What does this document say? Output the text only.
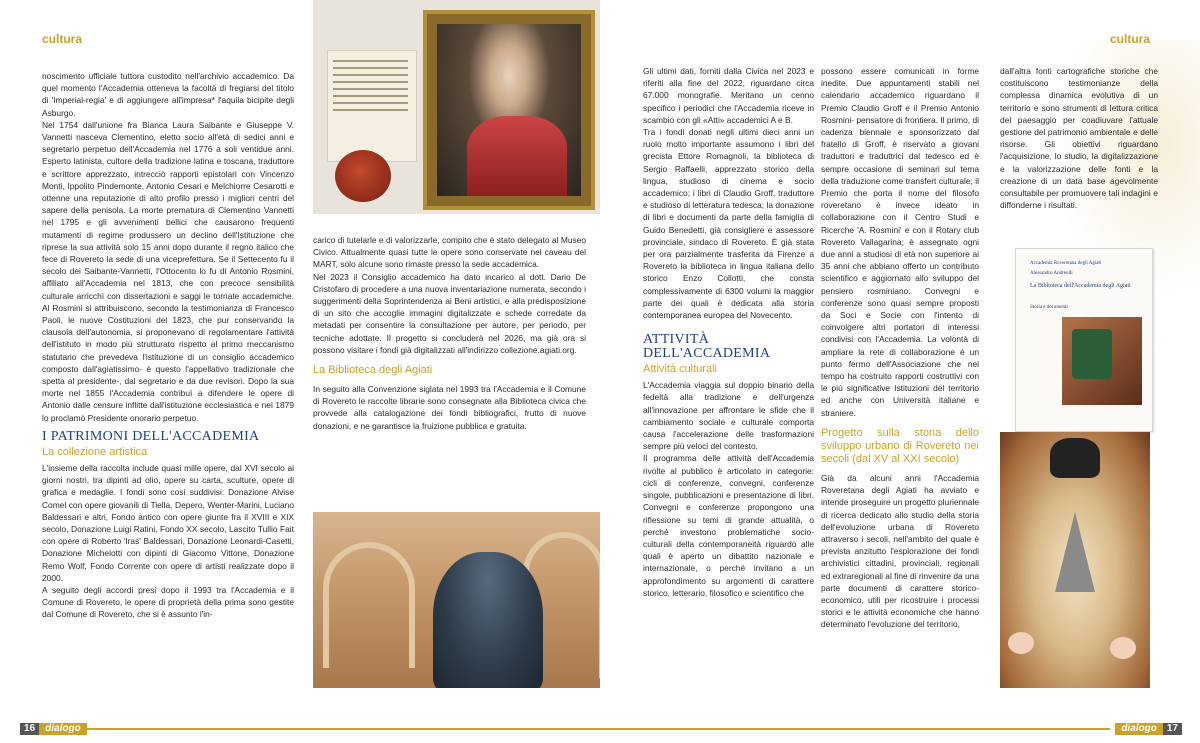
cultura

noscimento ufficiale tuttora custodito nell'archivio accademico. Da quel momento l'Accademia otteneva la facoltà di fregiarsi del titolo di 'Imperial-regia' e di aggiungere all'impresa* l'aquila bicipite degli Asburgo.

Nel 1754 dall'unione fra Bianca Laura Saibante e Giuseppe V. Vannetti nasceva Clementino, eletto socio all'età di sedici anni e segretario perpetuo dell'Accademia nel 1776 a soli ventidue anni. Esperto latinista, cultore della tradizione latina e toscana, traduttore e scrittore apprezzato, intrecciò rapporti epistolari con Vincenzo Monti, Ippolito Pindemonte, Antonio Cesari e Melchiorre Cesarotti e ottenne una reputazione di alto profilo presso i migliori centri del sapere della penisola. La morte prematura di Clementino Vannetti nel 1795 e gli avvenimenti bellici che causarono frequenti mutamenti di regime produssero un declino dell'Istituzione che riprese la sua attività solo 15 anni dopo durante il regno italico che fece di Rovereto la sede di una viceprefettura. Se il Settecento fu il secolo dei Saibante-Vannetti, l'Ottocento lo fu di Antonio Rosmini, affiliato all'Accademia nel 1813, che con precoce sensibilità culturale arricchì con dissertazioni e saggi le tornate accademiche. Al Rosmini si attribuiscono, secondo la testimonianza di Francesco Paoli, le nuove Costituzioni del 1823, che pur conservando la clausola dell'autonomia, si proponevano di regolamentare l'attività dell'istituto in modo più strutturato rispetto al primo meccanismo statutario che prevedeva l'istituzione di un consiglio accademico composto dall'agiatissimo- è questo l'appellativo tradizionale che spetta al presidente-, dal segretario e da due revisori. Dopo la sua morte nel 1855 l'Accademia contribuì a difendere le opere di Antonio dalle censure inflitte dall'istituzione ecclesiastica e nel 1879 lo proclamò Presidente onorario perpetuo.

I PATRIMONI DELL'ACCADEMIA
La collezione artistica

L'insieme della raccolta include quasi mille opere, dal XVI secolo ai giorni nostri, tra dipinti ad olio, opere su carta, sculture, opere di grafica e medaglie. I fondi sono così suddivisi: Donazione Alvise Comel con opere giovanili di Tiella, Depero, Wenter-Marini, Luciano Baldessari e altri, Fondo antico con opere giunte fra il XVIII e XIX secolo, Donazione Luigi Ratini, Fondo XX secolo, Lascito Tullio Fait con opere di Roberto 'Iras' Baldessari, Donazione Leonardi-Casetti, Donazione Michelotti con dipinti di Giacomo Vittone, Donazione Remo Wolf, Fondo Corrente con opere di artisti realizzate dopo il 2000.

A seguito degli accordi presi dopo il 1993 tra l'Accademia e il Comune di Rovereto, le opere di proprietà della prima sono gestite dal Comune di Rovereto, che si è assunto l'in-

carico di tutelarle e di valorizzarle, compito che è stato delegato al Museo Civico. Attualmente quasi tutte le opere sono conservate nel caveau del MART, solo alcune sono rimaste presso la sede accademica.

Nel 2023 il Consiglio accademico ha dato incarico al dott. Dario De Cristofaro di procedere a una nuova inventariazione numerata, secondo i suggerimenti della Soprintendenza ai Beni artistici, e alla predisposizione di un sito che accoglie immagini digitalizzate e schede corredate da metadati per consentire la consultazione per autore, per periodo, per tecniche adottate. Il progetto si concluderà nel 2026, ma già ora si possono visitare i fondi già digitalizzati all'indirizzo collezione.agiati.org.

La Biblioteca degli Agiati

In seguito alla Convenzione siglata nel 1993 tra l'Accademia e il Comune di Rovereto le raccolte librarie sono consegnate alla Biblioteca civica che provvede alla catalogazione dei fondi bibliografici, frutto di nuove donazioni, e ne garantisce la fruizione pubblica e gratuita.

16	dialogo
cultura

Gli ultimi dati, forniti dalla Civica nel 2023 e riferiti alla fine del 2022, riguardano circa 67.000 monografie. Meritano un cenno specifico i periodici che l'Accademia riceve in scambio con gli «Atti» accademici A e B.

Tra i fondi donati negli ultimi dieci anni un ruolo molto importante assumono i libri del grecista Ettore Romagnoli, la biblioteca di Sergio Raffaelli, apprezzato storico della lingua, studioso di cinema e socio accademico; i libri di Claudio Groff, traduttore e studioso di letteratura tedesca; la donazione di libri e documenti da parte della famiglia di Guido Benedetti, già consigliere e assessore provinciale, sindaco di Rovereto. È già stata per ora parzialmente trasferita da Firenze a Rovereto la biblioteca in lingua italiana dello storico Enzo Collotti, che consta complessivamente di 6300 volumi la maggior parte dei quali è dedicata alla storia contemporanea europea del Novecento.

ATTIVITÀ
DELL'ACCADEMIA
Attività culturali

L'Accademia viaggia sul doppio binario della fedeltà alla tradizione e dell'urgenza all'innovazione per affrontare le sfide che il cambiamento sociale e culturale comporta causa l'accelerazione delle trasformazioni sempre più veloci del contesto.

Il programma delle attività dell'Accademia rivolte al pubblico è articolato in categorie: cicli di conferenze, convegni, conferenze singole, pubblicazioni e presentazione di libri. Convegni e conferenze propongono una riflessione su temi di grande attualità, o perché investono problematiche socio-culturali della contemporaneità riguardo alle quali è aperto un dibattito nazionale e internazionale, o perché invitano a un approfondimento su argomenti di carattere storico, letterario, filosofico e scientifico che

possono essere comunicati in forme inedite. Due appuntamenti stabili nel calendario accademico riguardano il Premio Claudio Groff e il Premio Antonio Rosmini- pensatore di frontiera. Il primo, di cadenza biennale e sponsorizzato dal fratello di Groff, è riservato a giovani traduttori e traduttrici dal tedesco ed è sempre occasione di seminari sul tema della traduzione come transfert culturale; il Premio che porta il nome del filosofo roveretano è invece ideato in collaborazione con il Centro Studi e Ricerche 'A. Rosmini' e con il Rotary club Rovereto Vallagarina; è assegnato ogni due anni a studiosi di età non superiore ai 35 anni che abbiano offerto un contributo scientifico e aggiornato allo sviluppo del pensiero rosminiano. Convegni e conferenze sono quasi sempre proposti da Soci e Socie con l'intento di coinvolgere altri portatori di interessi condivisi con l'Accademia. La volontà di ampliare la rete di collaborazione è un punto fermo dell'Associazione che nel tempo ha costruito rapporti costruttivi con le più significative Istituzioni del territorio ed anche con Università italiane e straniere.

Progetto sulla storia dello sviluppo urbano di Rovereto nei secoli (dal XV al XXI secolo)

Già da alcuni anni l'Accademia Roveretana degli Agiati ha avviato e intende proseguire un progetto pluriennale di ricerca dedicato allo studio della storia dell'evoluzione urbana di Rovereto attraverso i secoli, nell'ambito del quale è prevista anzitutto l'esplorazione dei fondi archivistici cittadini, provinciali, regionali ed extraregionali al fine di rinvenire da una parte documenti di carattere storico-economico, utili per ricostruire i processi storici e le attività economiche che hanno determinato l'evoluzione del territorio,

dall'altra fonti cartografiche storiche che costituiscono testimonianze della complessa dinamica evolutiva di un territorio e sono strumenti di lettura critica del paesaggio per coadiuvare l'attuale gestione del patrimonio ambientale e delle risorse. Gli obiettivi riguardano l'acquisizione, lo studio, la digitalizzazione e la valorizzazione delle fonti e la creazione di un data base agevolmente consultabile per promuovere tali indagini e diffonderne i risultati.

dialogo	17
Accademia Roveretana degli Agiati
Alessandro Andreolli
La Biblioteca dell'Accademia degli Agiati
Storia e documenti
